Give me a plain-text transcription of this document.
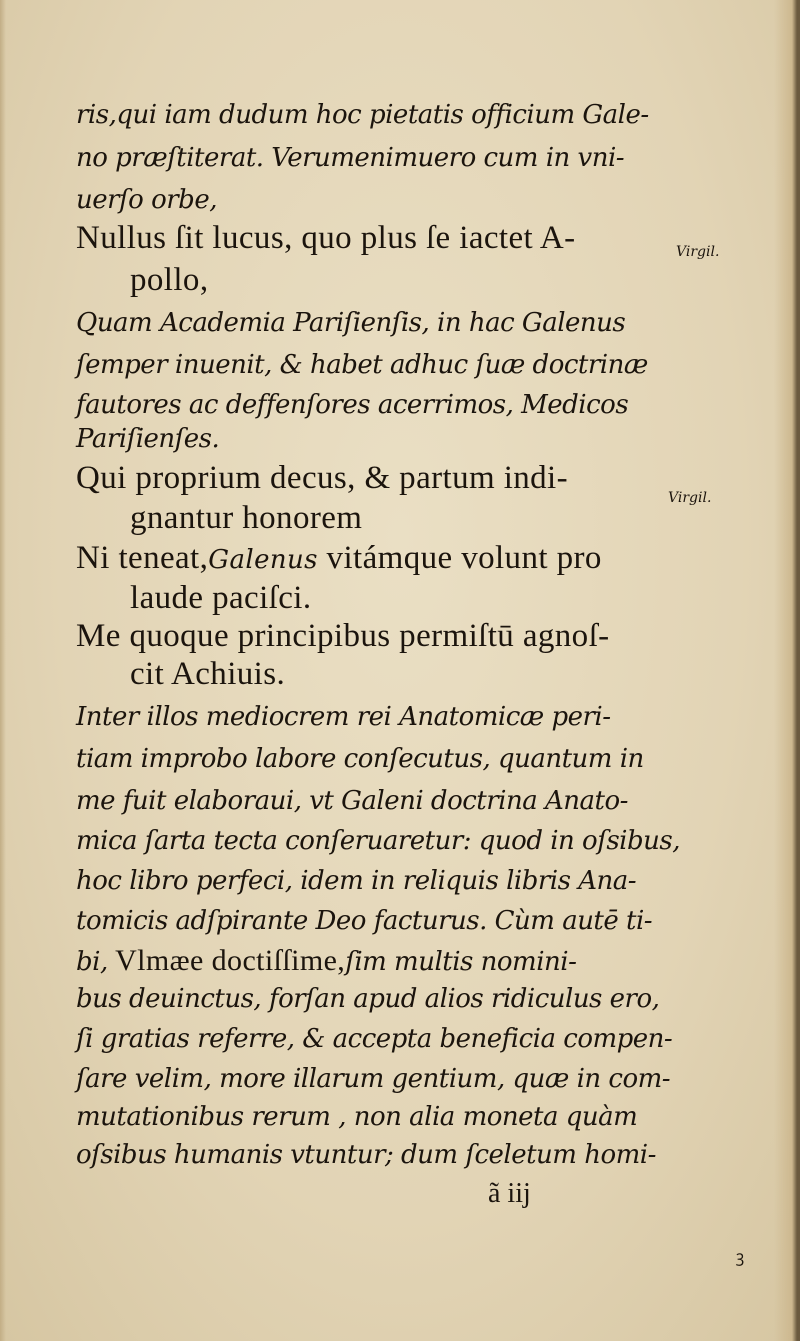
ris,qui iam dudum hoc pietatis officium Gale-

no præſtiterat. Verumenimuero cum in vni-

uerſo orbe,

Nullus ſit lucus, quo plus ſe iactet A-

pollo,

Quam Academia Pariſienſis, in hac Galenus

ſemper inuenit, & habet adhuc ſuæ doctrinæ

fautores ac deffenſores acerrimos, Medicos

Pariſienſes.

Qui proprium decus, & partum indi-

gnantur honorem

Ni teneat,Galenus vitámque volunt pro

laude paciſci.

Me quoque principibus permiſtū agnoſ-

cit Achiuis.

Inter illos mediocrem rei Anatomicæ peri-

tiam improbo labore conſecutus, quantum in

me fuit elaboraui, vt Galeni doctrina Anato-

mica ſarta tecta conſeruaretur: quod in oſsibus,

hoc libro perfeci, idem in reliquis libris Ana-

tomicis adſpirante Deo facturus. Cùm autē ti-

bi, Vlmæe doctiſſime,ſim multis nomini-

bus deuinctus, forſan apud alios ridiculus ero,

ſi gratias referre, & accepta beneficia compen-

ſare velim, more illarum gentium, quæ in com-

mutationibus rerum , non alia moneta quàm

oſsibus humanis vtuntur; dum ſceletum homi-

Virgil.
Virgil.
ã iij
ꝫ
